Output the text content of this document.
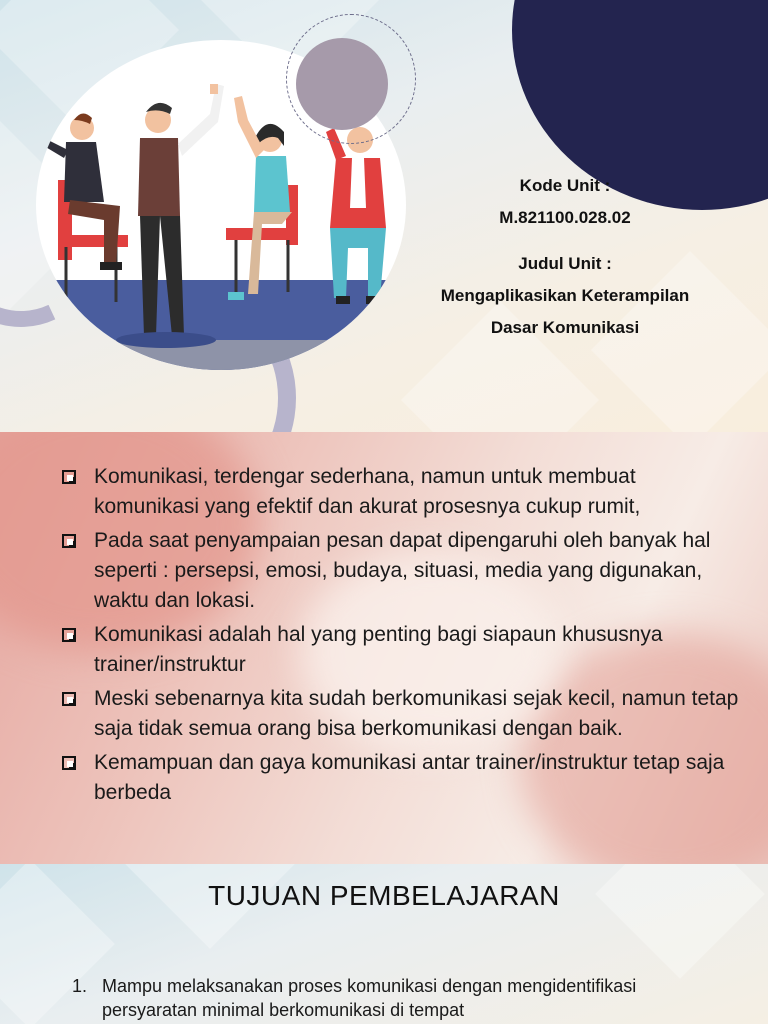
Kode Unit :
M.821100.028.02
Judul Unit :
Mengaplikasikan Keterampilan
Dasar Komunikasi
Komunikasi, terdengar sederhana, namun untuk membuat komunikasi yang efektif dan akurat prosesnya cukup rumit,
Pada saat penyampaian pesan dapat dipengaruhi oleh banyak hal seperti : persepsi, emosi, budaya, situasi, media yang digunakan, waktu dan lokasi.
Komunikasi adalah hal yang penting bagi siapaun khususnya trainer/instruktur
Meski sebenarnya kita sudah berkomunikasi sejak kecil, namun tetap saja tidak semua orang bisa berkomunikasi dengan baik.
Kemampuan dan gaya komunikasi antar trainer/instruktur tetap saja berbeda
TUJUAN PEMBELAJARAN
1. Mampu melaksanakan proses komunikasi dengan mengidentifikasi persyaratan minimal berkomunikasi di tempat
